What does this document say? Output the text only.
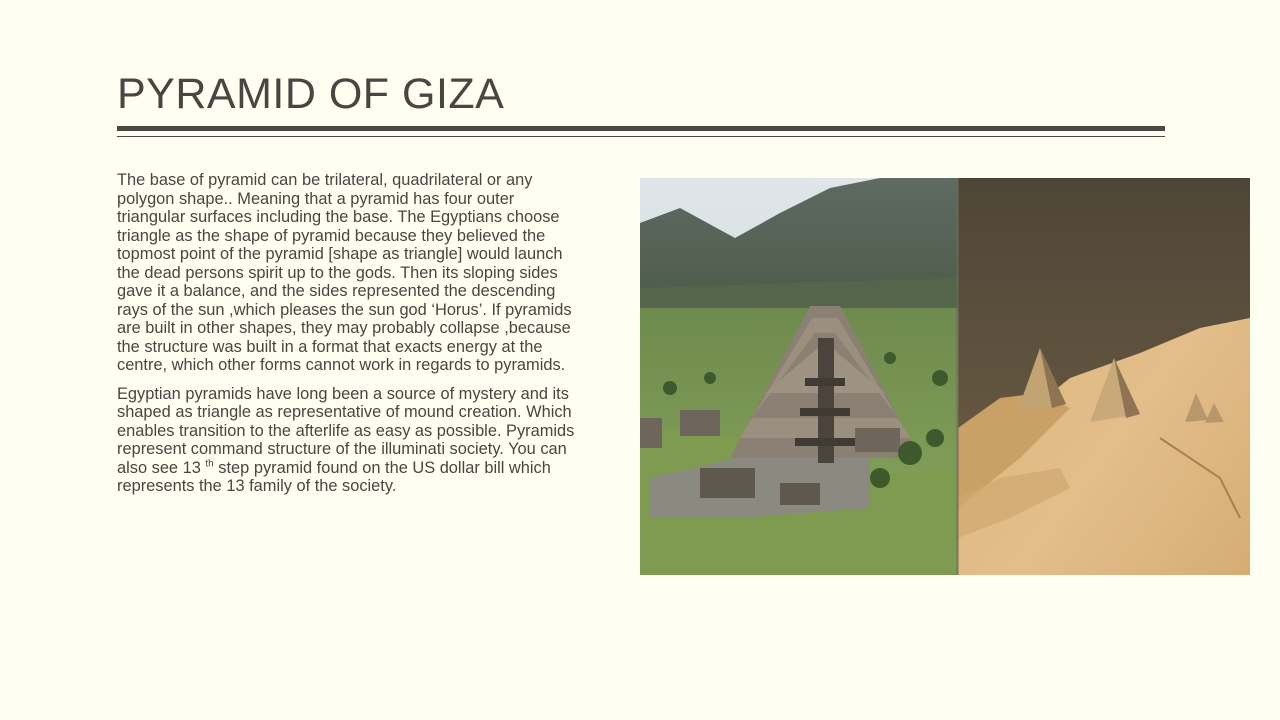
PYRAMID OF GIZA

The base of pyramid can be trilateral, quadrilateral or any polygon shape.. Meaning that a pyramid has four outer triangular surfaces including the base. The Egyptians choose triangle as the shape of pyramid because they believed the topmost point of the pyramid [shape as triangle] would launch the dead persons spirit up to the gods. Then its sloping sides gave it a balance, and the sides represented the descending rays of the sun ,which pleases the sun god ‘Horus’. If pyramids are built in other shapes, they may probably collapse ,because the structure was built in a format that exacts energy at the centre, which other forms cannot work in regards to pyramids.

Egyptian pyramids have long been a source of mystery and its shaped as triangle as representative of mound creation. Which enables transition to the afterlife as easy as possible. Pyramids represent command structure of the illuminati society. You can also see 13 $^{th}$ step pyramid found on the US dollar bill which represents the 13 family of the society.
